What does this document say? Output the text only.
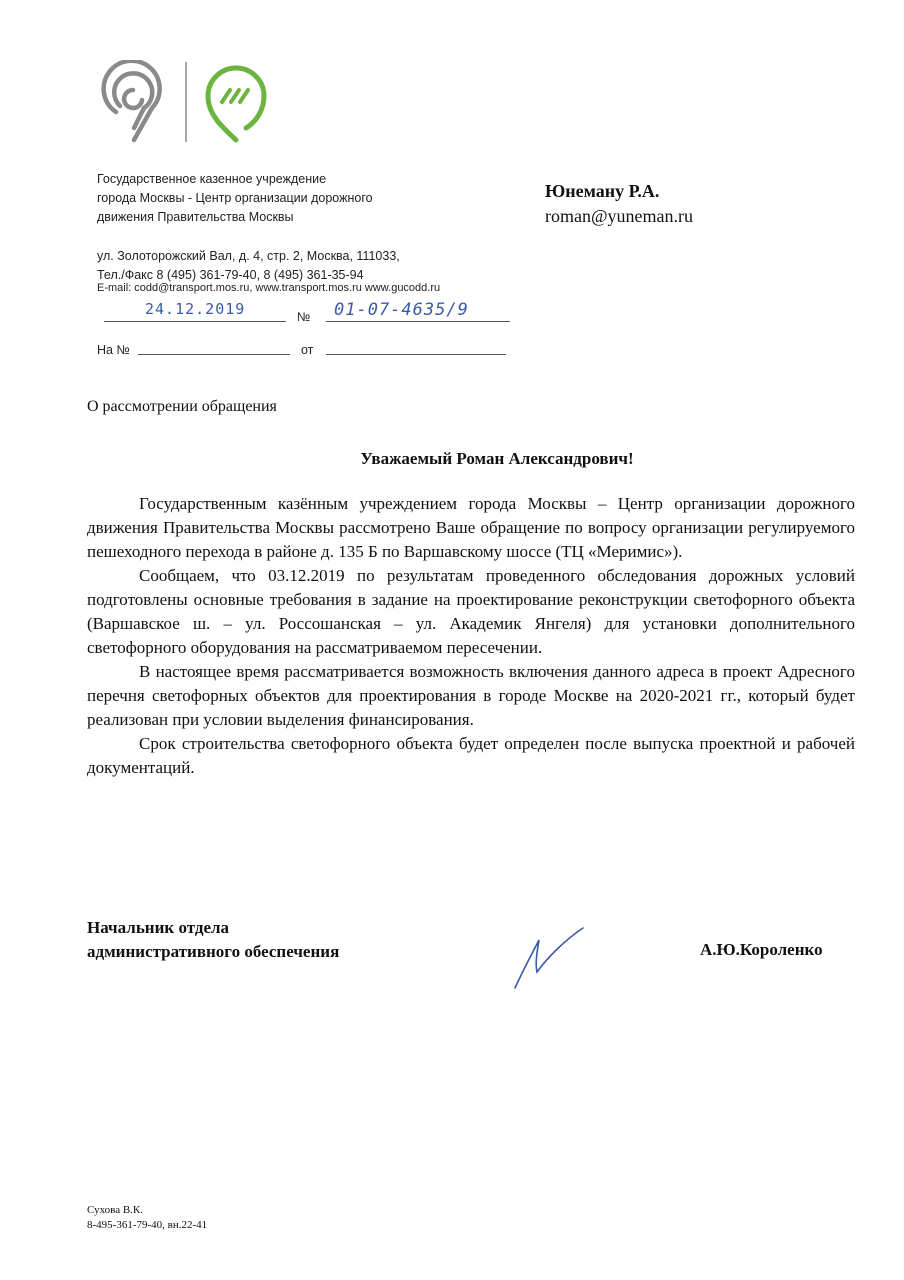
Государственное казенное учреждение
города Москвы - Центр организации дорожного
движения Правительства Москвы
ул. Золоторожский Вал, д. 4, стр. 2, Москва, 111033,
Тел./Факс 8 (495) 361-79-40, 8 (495) 361-35-94
E-mail: codd@transport.mos.ru, www.transport.mos.ru www.gucodd.ru
24.12.2019	№ 01-07-4635/9
На №	от
Юнеману Р.А.
roman@yuneman.ru
О рассмотрении обращения
Уважаемый Роман Александрович!

Государственным казённым учреждением города Москвы – Центр организации дорожного движения Правительства Москвы рассмотрено Ваше обращение по вопросу организации регулируемого пешеходного перехода в районе д. 135 Б по Варшавскому шоссе (ТЦ «Меримис»).

Сообщаем, что 03.12.2019 по результатам проведенного обследования дорожных условий подготовлены основные требования в задание на проектирование реконструкции светофорного объекта (Варшавское ш. – ул. Россошанская – ул. Академик Янгеля) для установки дополнительного светофорного оборудования на рассматриваемом пересечении.

В настоящее время рассматривается возможность включения данного адреса в проект Адресного перечня светофорных объектов для проектирования в городе Москве на 2020-2021 гг., который будет реализован при условии выделения финансирования.

Срок строительства светофорного объекта будет определен после выпуска проектной и рабочей документаций.

Начальник отдела
административного обеспечения	А.Ю.Короленко
Сухова В.К.
8-495-361-79-40, вн.22-41
